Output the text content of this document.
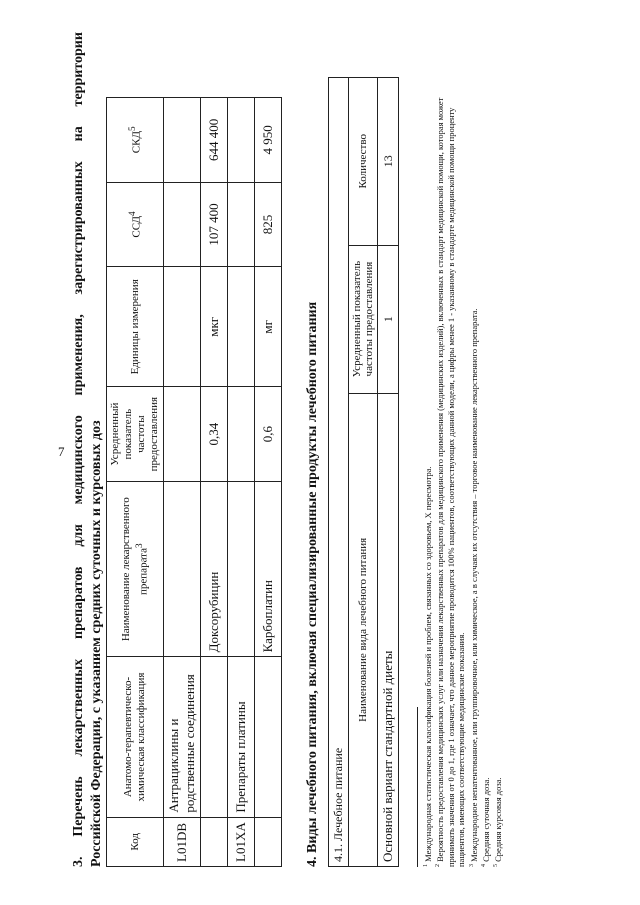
7
3.
Перечень
лекарственных
препаратов
для
медицинского
применения,
зарегистрированных
на
территории
Российской Федерации, с указанием средних суточных и курсовых доз Код	Анатомо-терапевтическо-химическая классификация	Наименование лекарственного препарата$^3$	Усредненный показатель частоты предоставления	Единицы измерения	ССД$^4$	СКД$^5$
L01DB	Антрациклины и родственные соединения					
		Доксорубицин	0,34	мкг	107 400	644 400
L01XA	Препараты платины					
		Карбоплатин	0,6	мг	825	4 950
4. Виды лечебного питания, включая специализированные продукты лечебного питания 4.1. Лечебное питание		
Наименование вида лечебного питания	Усредненный показатель частоты предоставления	Количество
Основной вариант стандартной диеты	1	13
$^1$ Международная статистическая классификация болезней и проблем, связанных со здоровьем, X пересмотра.
$^2$ Вероятность предоставления медицинских услуг или назначения лекарственных препаратов для медицинского применения (медицинских изделий), включенных в стандарт медицинской помощи, которая может принимать значения от 0 до 1, где 1 означает, что данное мероприятие проводится 100% пациентов, соответствующих данной модели, а цифры менее 1 - указанному в стандарте медицинской помощи проценту пациентов, имеющих соответствующие медицинские показания. $^3$ Международное непатентованное, или группировочное, или химическое, а в случаях их отсутствия – торговое наименование лекарственного препарата.
$^4$ Средняя суточная доза.
$^5$ Средняя курсовая доза.
